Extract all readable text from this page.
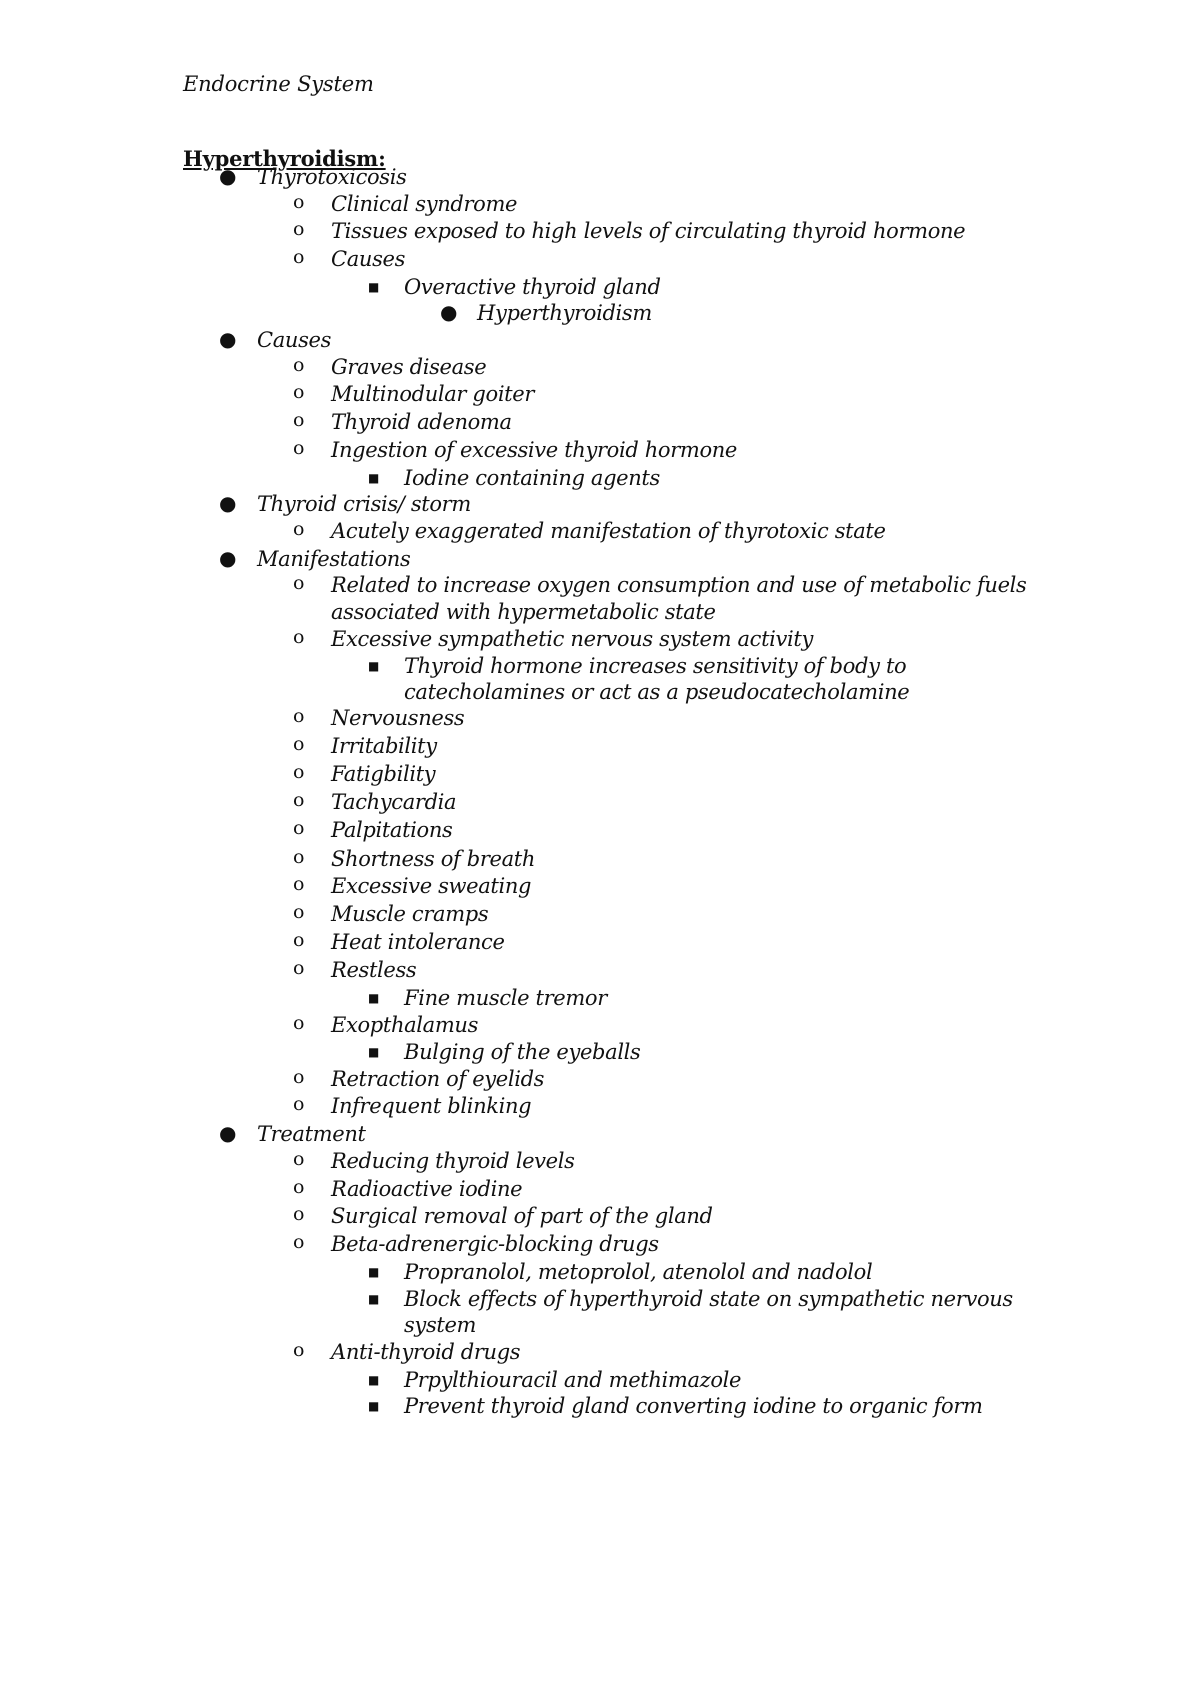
Endocrine System
Hyperthyroidism:
● Thyrotoxicosis
o Clinical syndrome
o Tissues exposed to high levels of circulating thyroid hormone
o Causes
■ Overactive thyroid gland
● Hyperthyroidism
● Causes
o Graves disease
o Multinodular goiter
o Thyroid adenoma
o Ingestion of excessive thyroid hormone
■ Iodine containing agents
● Thyroid crisis/ storm
o Acutely exaggerated manifestation of thyrotoxic state
● Manifestations
o Related to increase oxygen consumption and use of metabolic fuels
associated with hypermetabolic state
o Excessive sympathetic nervous system activity
■ Thyroid hormone increases sensitivity of body to
catecholamines or act as a pseudocatecholamine
o Nervousness
o Irritability
o Fatigbility
o Tachycardia
o Palpitations
o Shortness of breath
o Excessive sweating
o Muscle cramps
o Heat intolerance
o Restless
■ Fine muscle tremor
o Exopthalamus
■ Bulging of the eyeballs
o Retraction of eyelids
o Infrequent blinking
● Treatment
o Reducing thyroid levels
o Radioactive iodine
o Surgical removal of part of the gland
o Beta-adrenergic-blocking drugs
■ Propranolol, metoprolol, atenolol and nadolol
■ Block effects of hyperthyroid state on sympathetic nervous
system
o Anti-thyroid drugs
■ Prpylthiouracil and methimazole
■ Prevent thyroid gland converting iodine to organic form
